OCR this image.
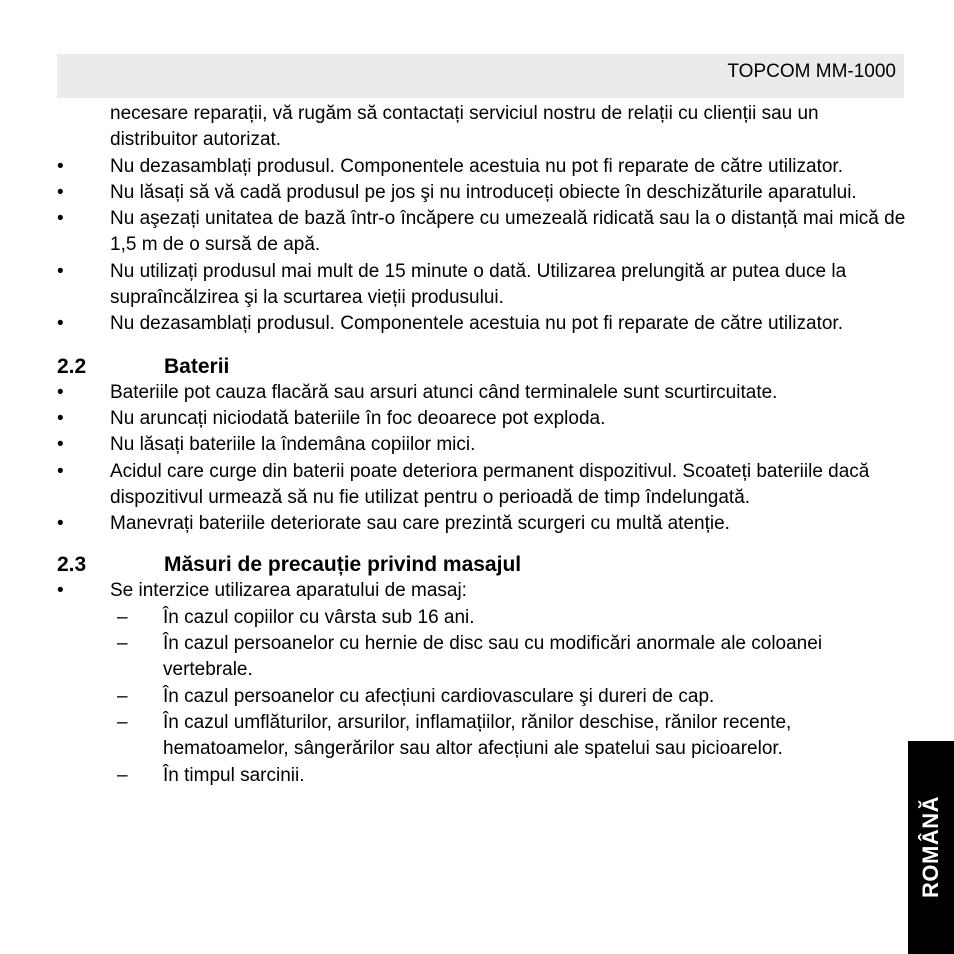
TOPCOM MM-1000
necesare reparații, vă rugăm să contactați serviciul nostru de relații cu clienții sau un distribuitor autorizat.
• Nu dezasamblați produsul. Componentele acestuia nu pot fi reparate de către utilizator.
• Nu lăsați să vă cadă produsul pe jos şi nu introduceți obiecte în deschizăturile aparatului.
• Nu aşezați unitatea de bază într-o încăpere cu umezeală ridicată sau la o distanță mai mică de 1,5 m de o sursă de apă.
• Nu utilizați produsul mai mult de 15 minute o dată. Utilizarea prelungită ar putea duce la supraîncălzirea şi la scurtarea vieții produsului.
• Nu dezasamblați produsul. Componentele acestuia nu pot fi reparate de către utilizator.
2.2	Baterii
• Bateriile pot cauza flacără sau arsuri atunci când terminalele sunt scurtircuitate.
• Nu aruncați niciodată bateriile în foc deoarece pot exploda.
• Nu lăsați bateriile la îndemâna copiilor mici.
• Acidul care curge din baterii poate deteriora permanent dispozitivul. Scoateți bateriile dacă dispozitivul urmează să nu fie utilizat pentru o perioadă de timp îndelungată.
• Manevrați bateriile deteriorate sau care prezintă scurgeri cu multă atenție.
2.3	Măsuri de precauție privind masajul
• Se interzice utilizarea aparatului de masaj:
– În cazul copiilor cu vârsta sub 16 ani.
– În cazul persoanelor cu hernie de disc sau cu modificări anormale ale coloanei vertebrale.
– În cazul persoanelor cu afecțiuni cardiovasculare şi dureri de cap.
– În cazul umflăturilor, arsurilor, inflamațiilor, rănilor deschise, rănilor recente, hematoamelor, sângerărilor sau altor afecțiuni ale spatelui sau picioarelor.
– În timpul sarcinii.
ROMÂNĂ
